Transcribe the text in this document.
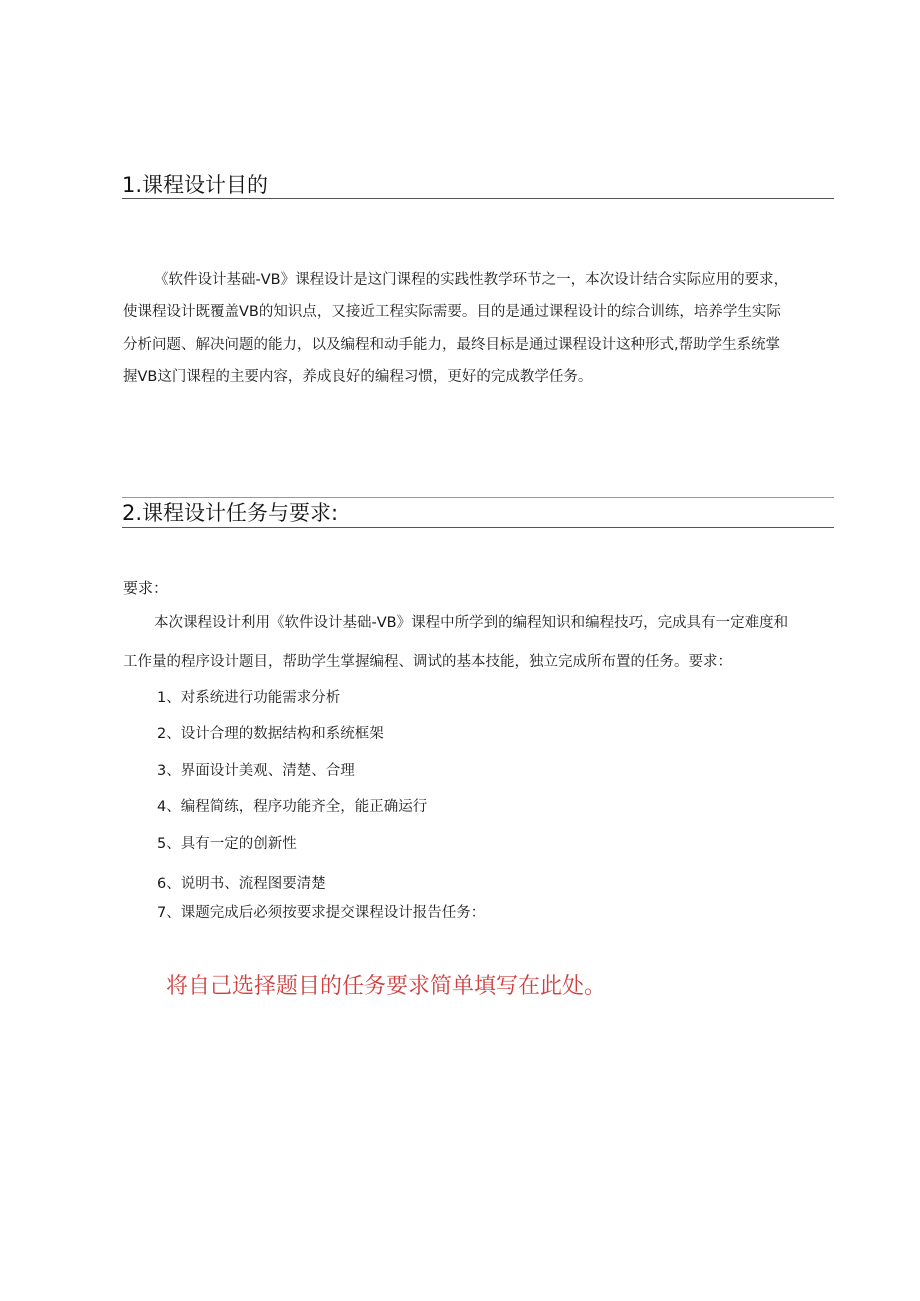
1.课程设计目的
《软件设计基础-VB》课程设计是这门课程的实践性教学环节之一，本次设计结合实际应用的要求，
使课程设计既覆盖VB的知识点，又接近工程实际需要。目的是通过课程设计的综合训练，培养学生实际
分析问题、解决问题的能力，以及编程和动手能力，最终目标是通过课程设计这种形式,帮助学生系统掌
握VB这门课程的主要内容，养成良好的编程习惯，更好的完成教学任务。
2.课程设计任务与要求:
要求：
本次课程设计利用《软件设计基础-VB》课程中所学到的编程知识和编程技巧，完成具有一定难度和
工作量的程序设计题目，帮助学生掌握编程、调试的基本技能，独立完成所布置的任务。要求：
1、对系统进行功能需求分析
2、设计合理的数据结构和系统框架
3、界面设计美观、清楚、合理
4、编程简练，程序功能齐全，能正确运行
5、具有一定的创新性
6、说明书、流程图要清楚
7、课题完成后必须按要求提交课程设计报告任务：
将自己选择题目的任务要求简单填写在此处。
